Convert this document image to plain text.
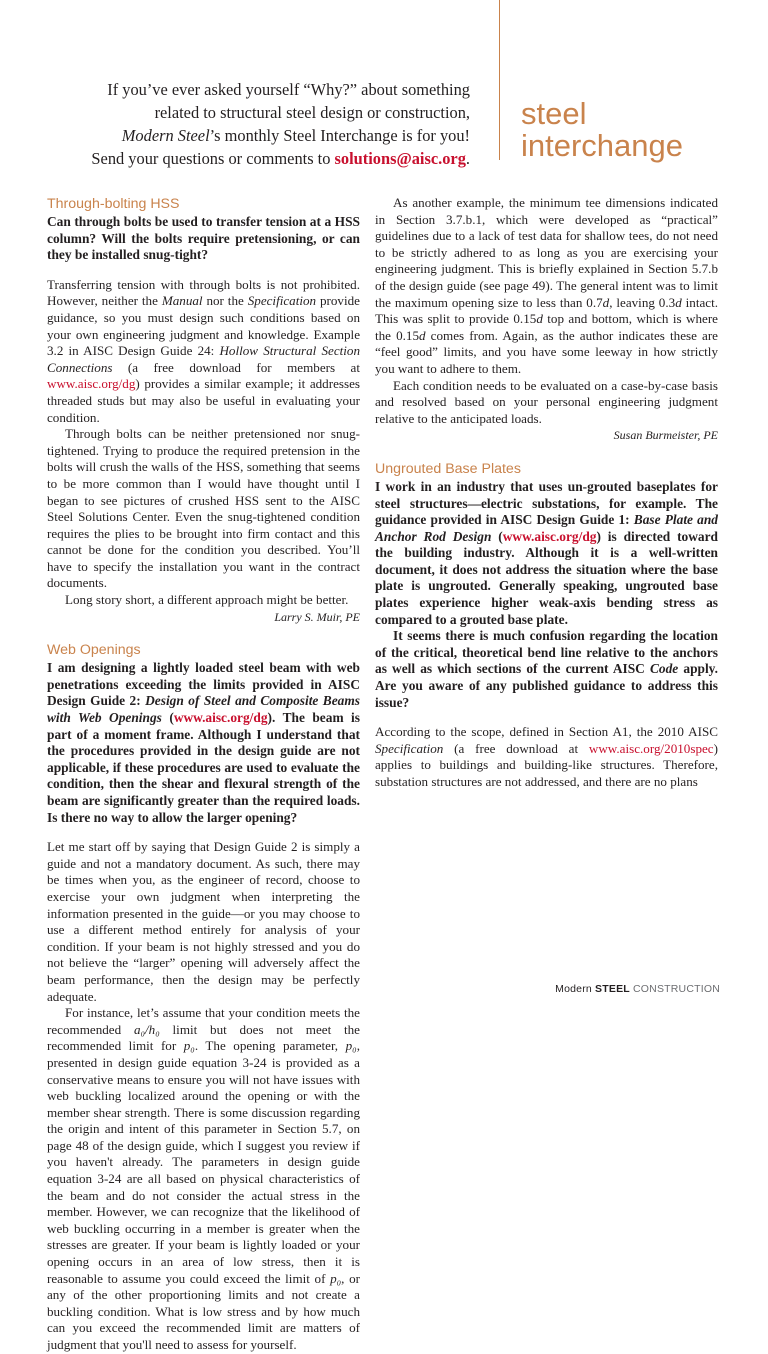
If you’ve ever asked yourself “Why?” about something
related to structural steel design or construction,
Modern Steel’s monthly Steel Interchange is for you!
Send your questions or comments to solutions@aisc.org.
steel
interchange
Through-bolting HSS

Can through bolts be used to transfer tension at a HSS column? Will the bolts require pretensioning, or can they be installed snug-tight?

Transferring tension with through bolts is not prohibited. However, neither the Manual nor the Specification provide guidance, so you must design such conditions based on your own engineering judgment and knowledge. Example 3.2 in AISC Design Guide 24: Hollow Structural Section Connections (a free download for members at www.aisc.org/dg) provides a similar example; it addresses threaded studs but may also be useful in evaluating your condition.

Through bolts can be neither pretensioned nor snug-tightened. Trying to produce the required pretension in the bolts will crush the walls of the HSS, something that seems to be more common than I would have thought until I began to see pictures of crushed HSS sent to the AISC Steel Solutions Center. Even the snug-tightened condition requires the plies to be brought into firm contact and this cannot be done for the condition you described. You’ll have to specify the installation you want in the contract documents.

Long story short, a different approach might be better.

Larry S. Muir, PE

Web Openings

I am designing a lightly loaded steel beam with web penetrations exceeding the limits provided in AISC Design Guide 2: Design of Steel and Composite Beams with Web Openings (www.aisc.org/dg). The beam is part of a moment frame. Although I understand that the procedures provided in the design guide are not applicable, if these procedures are used to evaluate the condition, then the shear and flexural strength of the beam are significantly greater than the required loads. Is there no way to allow the larger opening?

Let me start off by saying that Design Guide 2 is simply a guide and not a mandatory document. As such, there may be times when you, as the engineer of record, choose to exercise your own judgment when interpreting the information presented in the guide—or you may choose to use a different method entirely for analysis of your condition. If your beam is not highly stressed and you do not believe the “larger” opening will adversely affect the beam performance, then the design may be perfectly adequate.

For instance, let’s assume that your condition meets the recommended a₀/h₀ limit but does not meet the recommended limit for p₀. The opening parameter, p₀, presented in design guide equation 3-24 is provided as a conservative means to ensure you will not have issues with web buckling localized around the opening or with the member shear strength. There is some discussion regarding the origin and intent of this parameter in Section 5.7, on page 48 of the design guide, which I suggest you review if you haven't already. The parameters in design guide equation 3-24 are all based on physical characteristics of the beam and do not consider the actual stress in the member. However, we can recognize that the likelihood of web buckling occurring in a member is greater when the stresses are greater. If your beam is lightly loaded or your opening occurs in an area of low stress, then it is reasonable to assume you could exceed the limit of p₀, or any of the other proportioning limits and not create a buckling condition. What is low stress and by how much can you exceed the recommended limit are matters of judgment that you'll need to assess for yourself.

As another example, the minimum tee dimensions indicated in Section 3.7.b.1, which were developed as “practical” guidelines due to a lack of test data for shallow tees, do not need to be strictly adhered to as long as you are exercising your engineering judgment. This is briefly explained in Section 5.7.b of the design guide (see page 49). The general intent was to limit the maximum opening size to less than 0.7d, leaving 0.3d intact. This was split to provide 0.15d top and bottom, which is where the 0.15d comes from. Again, as the author indicates these are “feel good” limits, and you have some leeway in how strictly you want to adhere to them.

Each condition needs to be evaluated on a case-by-case basis and resolved based on your personal engineering judgment relative to the anticipated loads.

Susan Burmeister, PE

Ungrouted Base Plates

I work in an industry that uses un-grouted baseplates for steel structures—electric substations, for example. The guidance provided in AISC Design Guide 1: Base Plate and Anchor Rod Design (www.aisc.org/dg) is directed toward the building industry. Although it is a well-written document, it does not address the situation where the base plate is ungrouted. Generally speaking, ungrouted base plates experience higher weak-axis bending stress as compared to a grouted base plate.

It seems there is much confusion regarding the location of the critical, theoretical bend line relative to the anchors as well as which sections of the current AISC Code apply. Are you aware of any published guidance to address this issue?

According to the scope, defined in Section A1, the 2010 AISC Specification (a free download at www.aisc.org/2010spec) applies to buildings and building-like structures. Therefore, substation structures are not addressed, and there are no plans

Modern STEEL CONSTRUCTION
